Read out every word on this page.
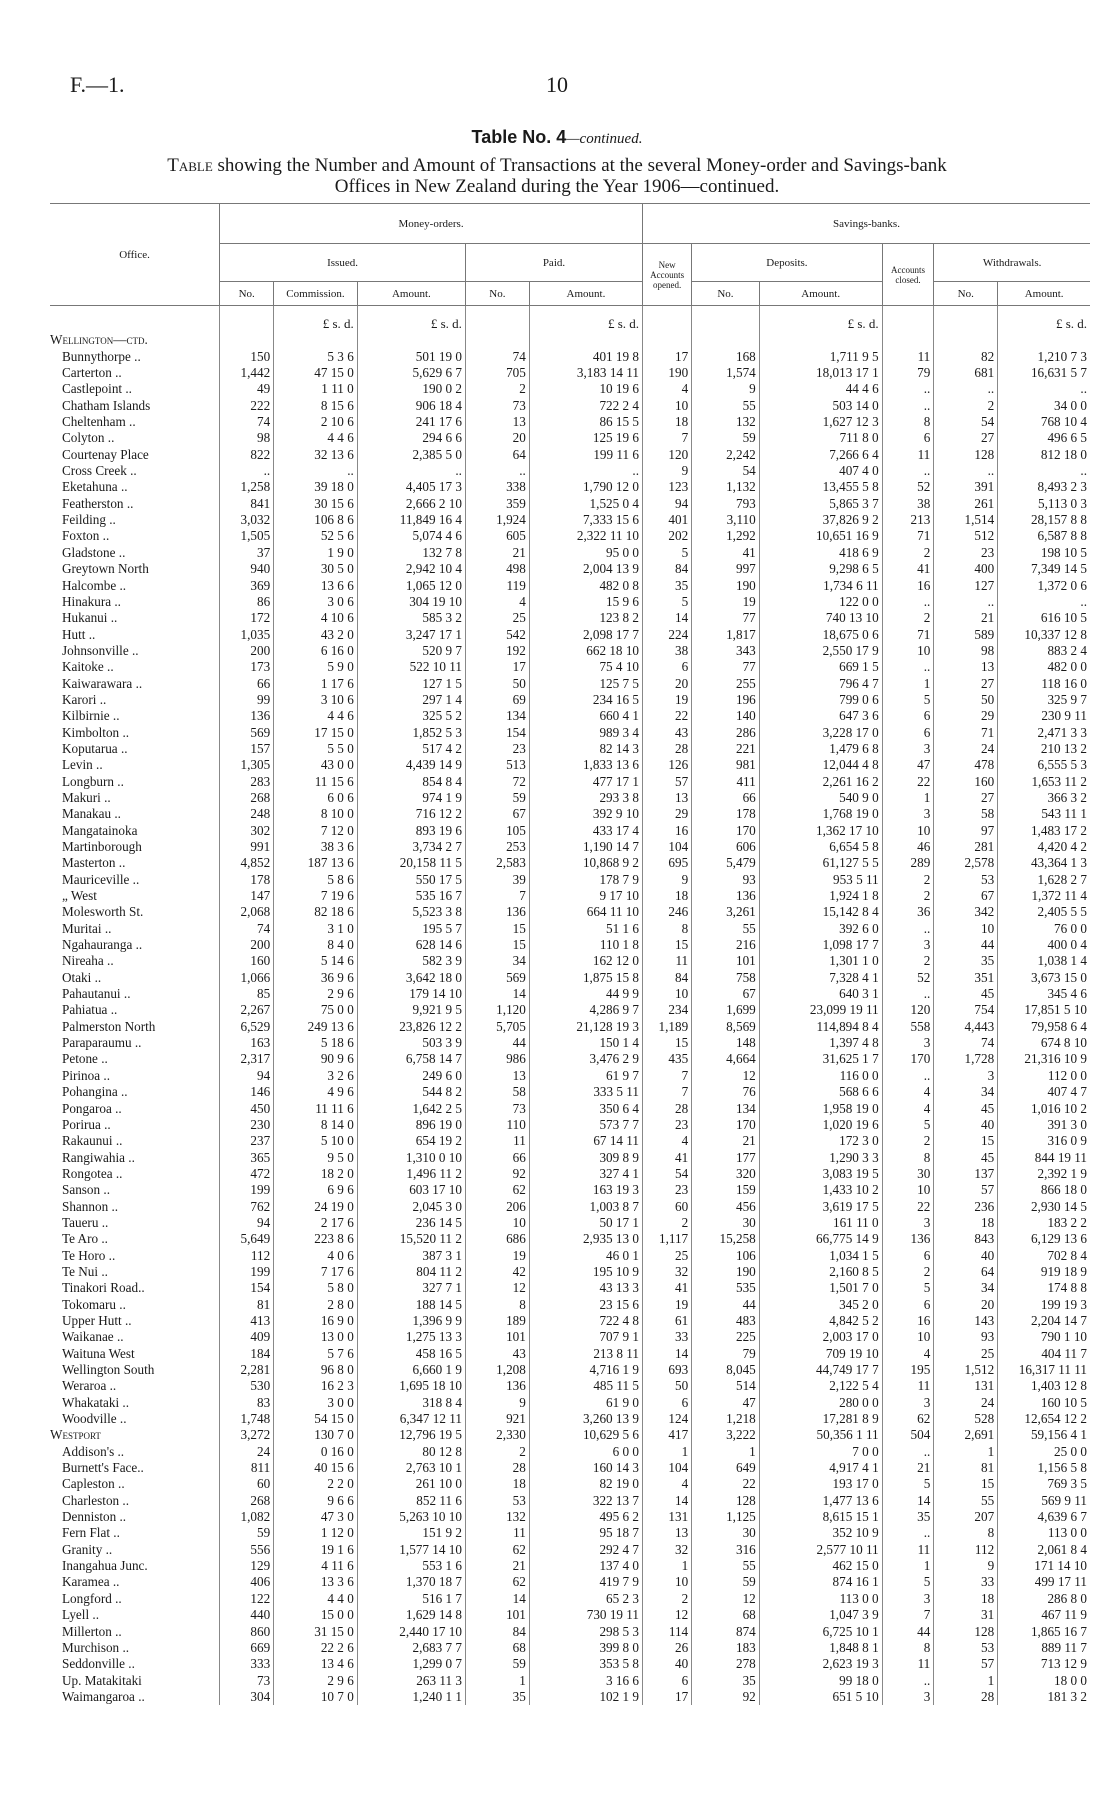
F.—1.	10
Table No. 4—continued.
Table showing the Number and Amount of Transactions at the several Money-order and Savings-bank
Offices in New Zealand during the Year 1906—continued.
Office.	Money-orders.					Savings-banks.					
	Issued.			Paid.		New Accounts opened.	Deposits.		Accounts closed.	Withdrawals.	
	No.	Commission.	Amount.	No.	Amount.		No.	Amount.		No.	Amount.

		£ s. d.	£ s. d.		£ s. d.			£ s. d.			£ s. d.
Wellington—ctd.											
Bunnythorpe ..	150	5 3 6	501 19 0	74	401 19 8	17	168	1,711 9 5	11	82	1,210 7 3
Carterton ..	1,442	47 15 0	5,629 6 7	705	3,183 14 11	190	1,574	18,013 17 1	79	681	16,631 5 7
Castlepoint ..	49	1 11 0	190 0 2	2	10 19 6	4	9	44 4 6	..	..	..
Chatham Islands	222	8 15 6	906 18 4	73	722 2 4	10	55	503 14 0	..	2	34 0 0
Cheltenham ..	74	2 10 6	241 17 6	13	86 15 5	18	132	1,627 12 3	8	54	768 10 4
Colyton ..	98	4 4 6	294 6 6	20	125 19 6	7	59	711 8 0	6	27	496 6 5
Courtenay Place	822	32 13 6	2,385 5 0	64	199 11 6	120	2,242	7,266 6 4	11	128	812 18 0
Cross Creek ..	..	..	..	..	..	9	54	407 4 0	..	..	..
Eketahuna ..	1,258	39 18 0	4,405 17 3	338	1,790 12 0	123	1,132	13,455 5 8	52	391	8,493 2 3
Featherston ..	841	30 15 6	2,666 2 10	359	1,525 0 4	94	793	5,865 3 7	38	261	5,113 0 3
Feilding ..	3,032	106 8 6	11,849 16 4	1,924	7,333 15 6	401	3,110	37,826 9 2	213	1,514	28,157 8 8
Foxton ..	1,505	52 5 6	5,074 4 6	605	2,322 11 10	202	1,292	10,651 16 9	71	512	6,587 8 8
Gladstone ..	37	1 9 0	132 7 8	21	95 0 0	5	41	418 6 9	2	23	198 10 5
Greytown North	940	30 5 0	2,942 10 4	498	2,004 13 9	84	997	9,298 6 5	41	400	7,349 14 5
Halcombe ..	369	13 6 6	1,065 12 0	119	482 0 8	35	190	1,734 6 11	16	127	1,372 0 6
Hinakura ..	86	3 0 6	304 19 10	4	15 9 6	5	19	122 0 0	..	..	..
Hukanui ..	172	4 10 6	585 3 2	25	123 8 2	14	77	740 13 10	2	21	616 10 5
Hutt ..	1,035	43 2 0	3,247 17 1	542	2,098 17 7	224	1,817	18,675 0 6	71	589	10,337 12 8
Johnsonville ..	200	6 16 0	520 9 7	192	662 18 10	38	343	2,550 17 9	10	98	883 2 4
Kaitoke ..	173	5 9 0	522 10 11	17	75 4 10	6	77	669 1 5	..	13	482 0 0
Kaiwarawara ..	66	1 17 6	127 1 5	50	125 7 5	20	255	796 4 7	1	27	118 16 0
Karori ..	99	3 10 6	297 1 4	69	234 16 5	19	196	799 0 6	5	50	325 9 7
Kilbirnie ..	136	4 4 6	325 5 2	134	660 4 1	22	140	647 3 6	6	29	230 9 11
Kimbolton ..	569	17 15 0	1,852 5 3	154	989 3 4	43	286	3,228 17 0	6	71	2,471 3 3
Koputarua ..	157	5 5 0	517 4 2	23	82 14 3	28	221	1,479 6 8	3	24	210 13 2
Levin ..	1,305	43 0 0	4,439 14 9	513	1,833 13 6	126	981	12,044 4 8	47	478	6,555 5 3
Longburn ..	283	11 15 6	854 8 4	72	477 17 1	57	411	2,261 16 2	22	160	1,653 11 2
Makuri ..	268	6 0 6	974 1 9	59	293 3 8	13	66	540 9 0	1	27	366 3 2
Manakau ..	248	8 10 0	716 12 2	67	392 9 10	29	178	1,768 19 0	3	58	543 11 1
Mangatainoka	302	7 12 0	893 19 6	105	433 17 4	16	170	1,362 17 10	10	97	1,483 17 2
Martinborough	991	38 3 6	3,734 2 7	253	1,190 14 7	104	606	6,654 5 8	46	281	4,420 4 2
Masterton ..	4,852	187 13 6	20,158 11 5	2,583	10,868 9 2	695	5,479	61,127 5 5	289	2,578	43,364 1 3
Mauriceville ..	178	5 8 6	550 17 5	39	178 7 9	9	93	953 5 11	2	53	1,628 2 7
„ West	147	7 19 6	535 16 7	7	9 17 10	18	136	1,924 1 8	2	67	1,372 11 4
Molesworth St.	2,068	82 18 6	5,523 3 8	136	664 11 10	246	3,261	15,142 8 4	36	342	2,405 5 5
Muritai ..	74	3 1 0	195 5 7	15	51 1 6	8	55	392 6 0	..	10	76 0 0
Ngahauranga ..	200	8 4 0	628 14 6	15	110 1 8	15	216	1,098 17 7	3	44	400 0 4
Nireaha ..	160	5 14 6	582 3 9	34	162 12 0	11	101	1,301 1 0	2	35	1,038 1 4
Otaki ..	1,066	36 9 6	3,642 18 0	569	1,875 15 8	84	758	7,328 4 1	52	351	3,673 15 0
Pahautanui ..	85	2 9 6	179 14 10	14	44 9 9	10	67	640 3 1	..	45	345 4 6
Pahiatua ..	2,267	75 0 0	9,921 9 5	1,120	4,286 9 7	234	1,699	23,099 19 11	120	754	17,851 5 10
Palmerston North	6,529	249 13 6	23,826 12 2	5,705	21,128 19 3	1,189	8,569	114,894 8 4	558	4,443	79,958 6 4
Paraparaumu ..	163	5 18 6	503 3 9	44	150 1 4	15	148	1,397 4 8	3	74	674 8 10
Petone ..	2,317	90 9 6	6,758 14 7	986	3,476 2 9	435	4,664	31,625 1 7	170	1,728	21,316 10 9
Pirinoa ..	94	3 2 6	249 6 0	13	61 9 7	7	12	116 0 0	..	3	112 0 0
Pohangina ..	146	4 9 6	544 8 2	58	333 5 11	7	76	568 6 6	4	34	407 4 7
Pongaroa ..	450	11 11 6	1,642 2 5	73	350 6 4	28	134	1,958 19 0	4	45	1,016 10 2
Porirua ..	230	8 14 0	896 19 0	110	573 7 7	23	170	1,020 19 6	5	40	391 3 0
Rakaunui ..	237	5 10 0	654 19 2	11	67 14 11	4	21	172 3 0	2	15	316 0 9
Rangiwahia ..	365	9 5 0	1,310 0 10	66	309 8 9	41	177	1,290 3 3	8	45	844 19 11
Rongotea ..	472	18 2 0	1,496 11 2	92	327 4 1	54	320	3,083 19 5	30	137	2,392 1 9
Sanson ..	199	6 9 6	603 17 10	62	163 19 3	23	159	1,433 10 2	10	57	866 18 0
Shannon ..	762	24 19 0	2,045 3 0	206	1,003 8 7	60	456	3,619 17 5	22	236	2,930 14 5
Taueru ..	94	2 17 6	236 14 5	10	50 17 1	2	30	161 11 0	3	18	183 2 2
Te Aro ..	5,649	223 8 6	15,520 11 2	686	2,935 13 0	1,117	15,258	66,775 14 9	136	843	6,129 13 6
Te Horo ..	112	4 0 6	387 3 1	19	46 0 1	25	106	1,034 1 5	6	40	702 8 4
Te Nui ..	199	7 17 6	804 11 2	42	195 10 9	32	190	2,160 8 5	2	64	919 18 9
Tinakori Road..	154	5 8 0	327 7 1	12	43 13 3	41	535	1,501 7 0	5	34	174 8 8
Tokomaru ..	81	2 8 0	188 14 5	8	23 15 6	19	44	345 2 0	6	20	199 19 3
Upper Hutt ..	413	16 9 0	1,396 9 9	189	722 4 8	61	483	4,842 5 2	16	143	2,204 14 7
Waikanae ..	409	13 0 0	1,275 13 3	101	707 9 1	33	225	2,003 17 0	10	93	790 1 10
Waituna West	184	5 7 6	458 16 5	43	213 8 11	14	79	709 19 10	4	25	404 11 7
Wellington South	2,281	96 8 0	6,660 1 9	1,208	4,716 1 9	693	8,045	44,749 17 7	195	1,512	16,317 11 11
Weraroa ..	530	16 2 3	1,695 18 10	136	485 11 5	50	514	2,122 5 4	11	131	1,403 12 8
Whakataki ..	83	3 0 0	318 8 4	9	61 9 0	6	47	280 0 0	3	24	160 10 5
Woodville ..	1,748	54 15 0	6,347 12 11	921	3,260 13 9	124	1,218	17,281 8 9	62	528	12,654 12 2
Westport	3,272	130 7 0	12,796 19 5	2,330	10,629 5 6	417	3,222	50,356 1 11	504	2,691	59,156 4 1
Addison's ..	24	0 16 0	80 12 8	2	6 0 0	1	1	7 0 0	..	1	25 0 0
Burnett's Face..	811	40 15 6	2,763 10 1	28	160 14 3	104	649	4,917 4 1	21	81	1,156 5 8
Capleston ..	60	2 2 0	261 10 0	18	82 19 0	4	22	193 17 0	5	15	769 3 5
Charleston ..	268	9 6 6	852 11 6	53	322 13 7	14	128	1,477 13 6	14	55	569 9 11
Denniston ..	1,082	47 3 0	5,263 10 10	132	495 6 2	131	1,125	8,615 15 1	35	207	4,639 6 7
Fern Flat ..	59	1 12 0	151 9 2	11	95 18 7	13	30	352 10 9	..	8	113 0 0
Granity ..	556	19 1 6	1,577 14 10	62	292 4 7	32	316	2,577 10 11	11	112	2,061 8 4
Inangahua Junc.	129	4 11 6	553 1 6	21	137 4 0	1	55	462 15 0	1	9	171 14 10
Karamea ..	406	13 3 6	1,370 18 7	62	419 7 9	10	59	874 16 1	5	33	499 17 11
Longford ..	122	4 4 0	516 1 7	14	65 2 3	2	12	113 0 0	3	18	286 8 0
Lyell ..	440	15 0 0	1,629 14 8	101	730 19 11	12	68	1,047 3 9	7	31	467 11 9
Millerton ..	860	31 15 0	2,440 17 10	84	298 5 3	114	874	6,725 10 1	44	128	1,865 16 7
Murchison ..	669	22 2 6	2,683 7 7	68	399 8 0	26	183	1,848 8 1	8	53	889 11 7
Seddonville ..	333	13 4 6	1,299 0 7	59	353 5 8	40	278	2,623 19 3	11	57	713 12 9
Up. Matakitaki	73	2 9 6	263 11 3	1	3 16 6	6	35	99 18 0	..	1	18 0 0
Waimangaroa ..	304	10 7 0	1,240 1 1	35	102 1 9	17	92	651 5 10	3	28	181 3 2
